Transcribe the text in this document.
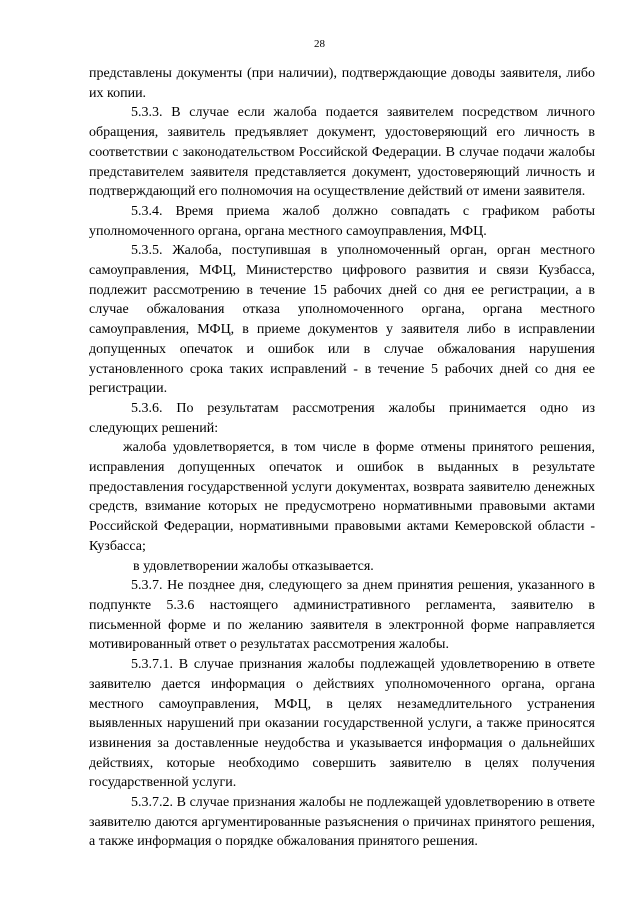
28

представлены документы (при наличии), подтверждающие доводы заявителя, либо их копии.

5.3.3. В случае если жалоба подается заявителем посредством личного обращения, заявитель предъявляет документ, удостоверяющий его личность в соответствии с законодательством Российской Федерации. В случае подачи жалобы представителем заявителя представляется документ, удостоверяющий личность и подтверждающий его полномочия на осуществление действий от имени заявителя.

5.3.4. Время приема жалоб должно совпадать с графиком работы уполномоченного органа, органа местного самоуправления, МФЦ.

5.3.5. Жалоба, поступившая в уполномоченный орган, орган местного самоуправления, МФЦ, Министерство цифрового развития и связи Кузбасса, подлежит рассмотрению в течение 15 рабочих дней со дня ее регистрации, а в случае обжалования отказа уполномоченного органа, органа местного самоуправления, МФЦ, в приеме документов у заявителя либо в исправлении допущенных опечаток и ошибок или в случае обжалования нарушения установленного срока таких исправлений - в течение 5 рабочих дней со дня ее регистрации.

5.3.6. По результатам рассмотрения жалобы принимается одно из следующих решений:

жалоба удовлетворяется, в том числе в форме отмены принятого решения, исправления допущенных опечаток и ошибок в выданных в результате предоставления государственной услуги документах, возврата заявителю денежных средств, взимание которых не предусмотрено нормативными правовыми актами Российской Федерации, нормативными правовыми актами Кемеровской области - Кузбасса;

в удовлетворении жалобы отказывается.

5.3.7. Не позднее дня, следующего за днем принятия решения, указанного в подпункте 5.3.6 настоящего административного регламента, заявителю в письменной форме и по желанию заявителя в электронной форме направляется мотивированный ответ о результатах рассмотрения жалобы.

5.3.7.1. В случае признания жалобы подлежащей удовлетворению в ответе заявителю дается информация о действиях уполномоченного органа, органа местного самоуправления, МФЦ, в целях незамедлительного устранения выявленных нарушений при оказании государственной услуги, а также приносятся извинения за доставленные неудобства и указывается информация о дальнейших действиях, которые необходимо совершить заявителю в целях получения государственной услуги.

5.3.7.2. В случае признания жалобы не подлежащей удовлетворению в ответе заявителю даются аргументированные разъяснения о причинах принятого решения, а также информация о порядке обжалования принятого решения.
